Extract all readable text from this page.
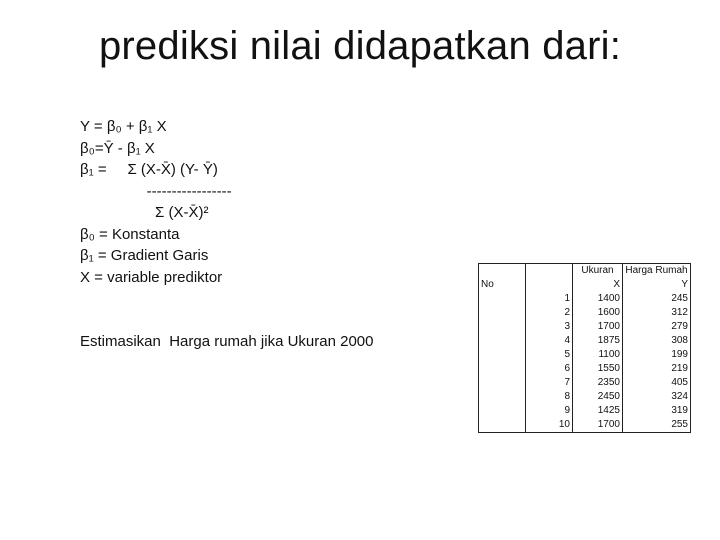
prediksi nilai didapatkan dari:
Y = β₀ + β₁ X
β₀=Ȳ - β₁ X
β₁ =     Σ (X-X̄) (Y- Ȳ)
-----------------
Σ (X-X̄)²
β₀ = Konstanta
β₁ = Gradient Garis
X = variable prediktor
Estimasikan  Harga rumah jika Ukuran 2000
		Ukuran	Harga Rumah
No		X	Y
	1	1400	245
	2	1600	312
	3	1700	279
	4	1875	308
	5	1100	199
	6	1550	219
	7	2350	405
	8	2450	324
	9	1425	319
	10	1700	255
